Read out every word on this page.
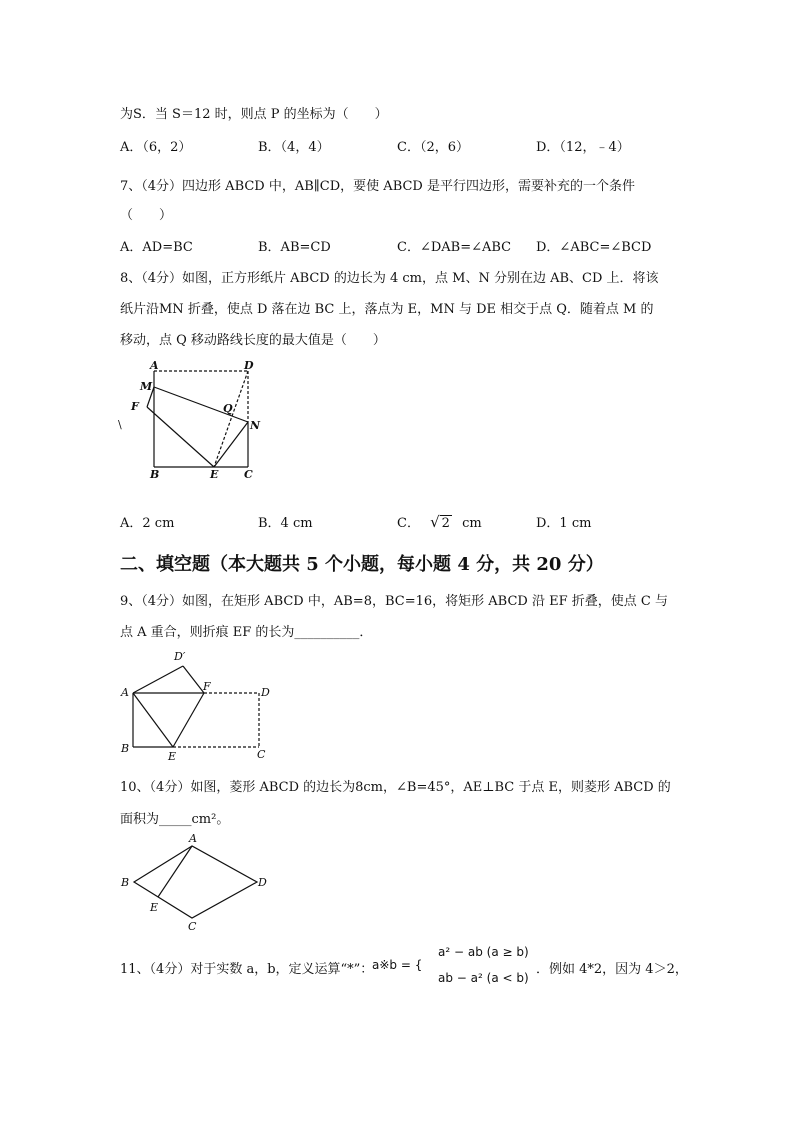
为S．当 S＝12 时，则点 P 的坐标为（　　）
A．（6，2）	B．（4，4）	C．（2，6）	D．（12，﹣4）
7、（4分）四边形 ABCD 中，AB∥CD，要使 ABCD 是平行四边形，需要补充的一个条件
（　　）
A．AD=BC	B．AB=CD	C．∠DAB=∠ABC D．∠ABC=∠BCD
8、（4分）如图，正方形纸片 ABCD 的边长为 4 cm，点 M、N 分别在边 AB、CD 上．将该
纸片沿MN 折叠，使点 D 落在边 BC 上，落点为 E，MN 与 DE 相交于点 Q．随着点 M 的
移动，点 Q 移动路线长度的最大值是（　　）
A	D
M
F	Q
N
B	E C
\
A．2 cm	B．4 cm	C． √ 2 cm	D．1 cm
二、填空题（本大题共 5 个小题，每小题 4 分，共 20 分）
9、（4分）如图，在矩形 ABCD 中，AB=8，BC=16，将矩形 ABCD 沿 EF 折叠，使点 C 与
点 A 重合，则折痕 EF 的长为__________．
D′
A	F	D
B
E	C
10、（4分）如图，菱形 ABCD 的边长为8cm，∠B=45°，AE⊥BC 于点 E，则菱形 ABCD 的
面积为_____cm²。
A
B	D
E
C
11、（4分）对于实数 a，b，定义运算“*”：
a※b = {
a² − ab (a ≥ b)
ab − a² (a < b)
．例如 4*2，因为 4＞2，
